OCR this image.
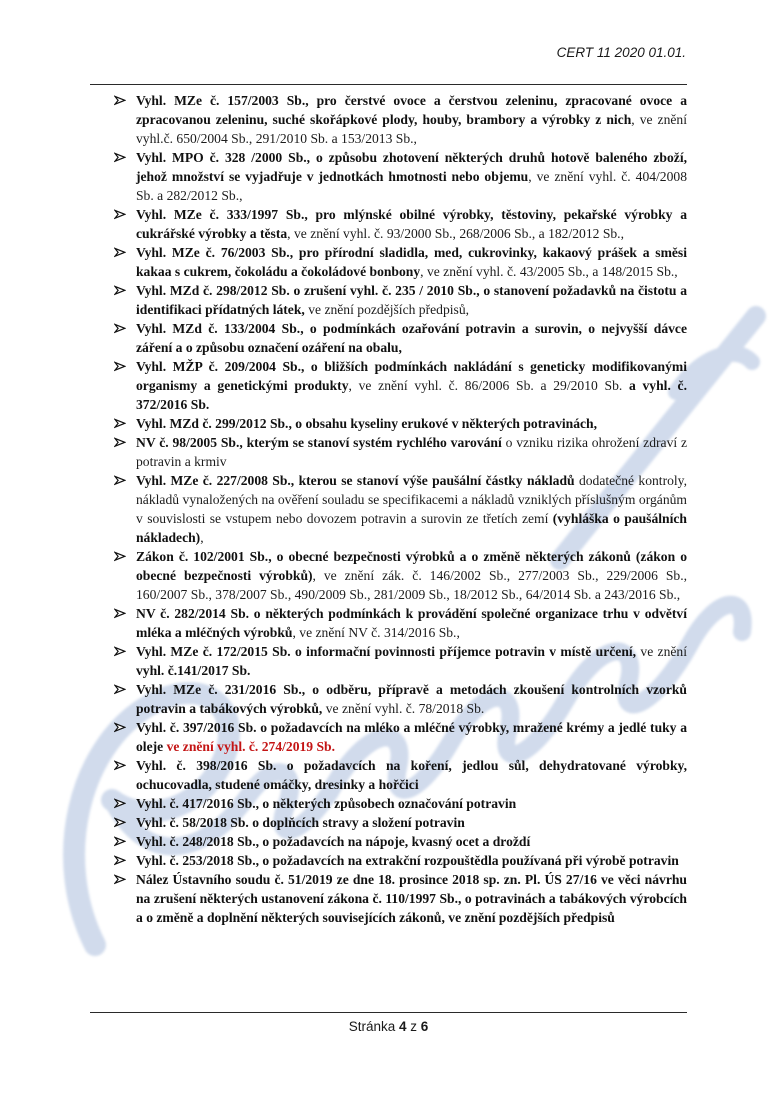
CERT 11 2020 01.01.
Vyhl. MZe č. 157/2003 Sb., pro čerstvé ovoce a čerstvou zeleninu, zpracované ovoce a zpracovanou zeleninu, suché skořápkové plody, houby, brambory a výrobky z nich, ve znění vyhl.č. 650/2004 Sb., 291/2010 Sb. a 153/2013 Sb.,
Vyhl. MPO č. 328 /2000 Sb., o způsobu zhotovení některých druhů hotově baleného zboží, jehož množství se vyjadřuje v jednotkách hmotnosti nebo objemu, ve znění vyhl. č. 404/2008 Sb. a 282/2012 Sb.,
Vyhl. MZe č. 333/1997 Sb., pro mlýnské obilné výrobky, těstoviny, pekařské výrobky a cukrářské výrobky a těsta, ve znění vyhl. č. 93/2000 Sb., 268/2006 Sb., a 182/2012 Sb.,
Vyhl. MZe č. 76/2003 Sb., pro přírodní sladidla, med, cukrovinky, kakaový prášek a směsi kakaa s cukrem, čokoládu a čokoládové bonbony, ve znění vyhl. č. 43/2005 Sb., a 148/2015 Sb.,
Vyhl. MZd č. 298/2012 Sb. o zrušení vyhl. č. 235 / 2010 Sb., o stanovení požadavků na čistotu a identifikaci přídatných látek, ve znění pozdějších předpisů,
Vyhl. MZd č. 133/2004 Sb., o podmínkách ozařování potravin a surovin, o nejvyšší dávce záření a o způsobu označení ozáření na obalu,
Vyhl. MŽP č. 209/2004 Sb., o bližších podmínkách nakládání s geneticky modifikovanými organismy a genetickými produkty, ve znění vyhl. č. 86/2006 Sb. a 29/2010 Sb. a vyhl. č. 372/2016 Sb.
Vyhl. MZd č. 299/2012 Sb., o obsahu kyseliny erukové v některých potravinách,
NV č. 98/2005 Sb., kterým se stanoví systém rychlého varování o vzniku rizika ohrožení zdraví z potravin a krmiv
Vyhl. MZe č. 227/2008 Sb., kterou se stanoví výše paušální částky nákladů dodatečné kontroly, nákladů vynaložených na ověření souladu se specifikacemi a nákladů vzniklých příslušným orgánům v souvislosti se vstupem nebo dovozem potravin a surovin ze třetích zemí (vyhláška o paušálních nákladech),
Zákon č. 102/2001 Sb., o obecné bezpečnosti výrobků a o změně některých zákonů (zákon o obecné bezpečnosti výrobků), ve znění zák. č. 146/2002 Sb., 277/2003 Sb., 229/2006 Sb., 160/2007 Sb., 378/2007 Sb., 490/2009 Sb., 281/2009 Sb., 18/2012 Sb., 64/2014 Sb. a 243/2016 Sb.,
NV č. 282/2014 Sb. o některých podmínkách k provádění společné organizace trhu v odvětví mléka a mléčných výrobků, ve znění NV č. 314/2016 Sb.,
Vyhl. MZe č. 172/2015 Sb. o informační povinnosti příjemce potravin v místě určení, ve znění vyhl. č.141/2017 Sb.
Vyhl. MZe č. 231/2016 Sb., o odběru, přípravě a metodách zkoušení kontrolních vzorků potravin a tabákových výrobků, ve znění vyhl. č. 78/2018 Sb.
Vyhl. č. 397/2016 Sb. o požadavcích na mléko a mléčné výrobky, mražené krémy a jedlé tuky a oleje ve znění vyhl. č. 274/2019 Sb.
Vyhl. č. 398/2016 Sb. o požadavcích na koření, jedlou sůl, dehydratované výrobky, ochucovadla, studené omáčky, dresinky a hořčici
Vyhl. č. 417/2016 Sb., o některých způsobech označování potravin
Vyhl. č. 58/2018 Sb. o doplňcích stravy a složení potravin
Vyhl. č. 248/2018 Sb., o požadavcích na nápoje, kvasný ocet a droždí
Vyhl. č. 253/2018 Sb., o požadavcích na extrakční rozpouštědla používaná při výrobě potravin
Nález Ústavního soudu č. 51/2019 ze dne 18. prosince 2018 sp. zn. Pl. ÚS 27/16 ve věci návrhu na zrušení některých ustanovení zákona č. 110/1997 Sb., o potravinách a tabákových výrobcích a o změně a doplnění některých souvisejících zákonů, ve znění pozdějších předpisů
Stránka 4 z 6
